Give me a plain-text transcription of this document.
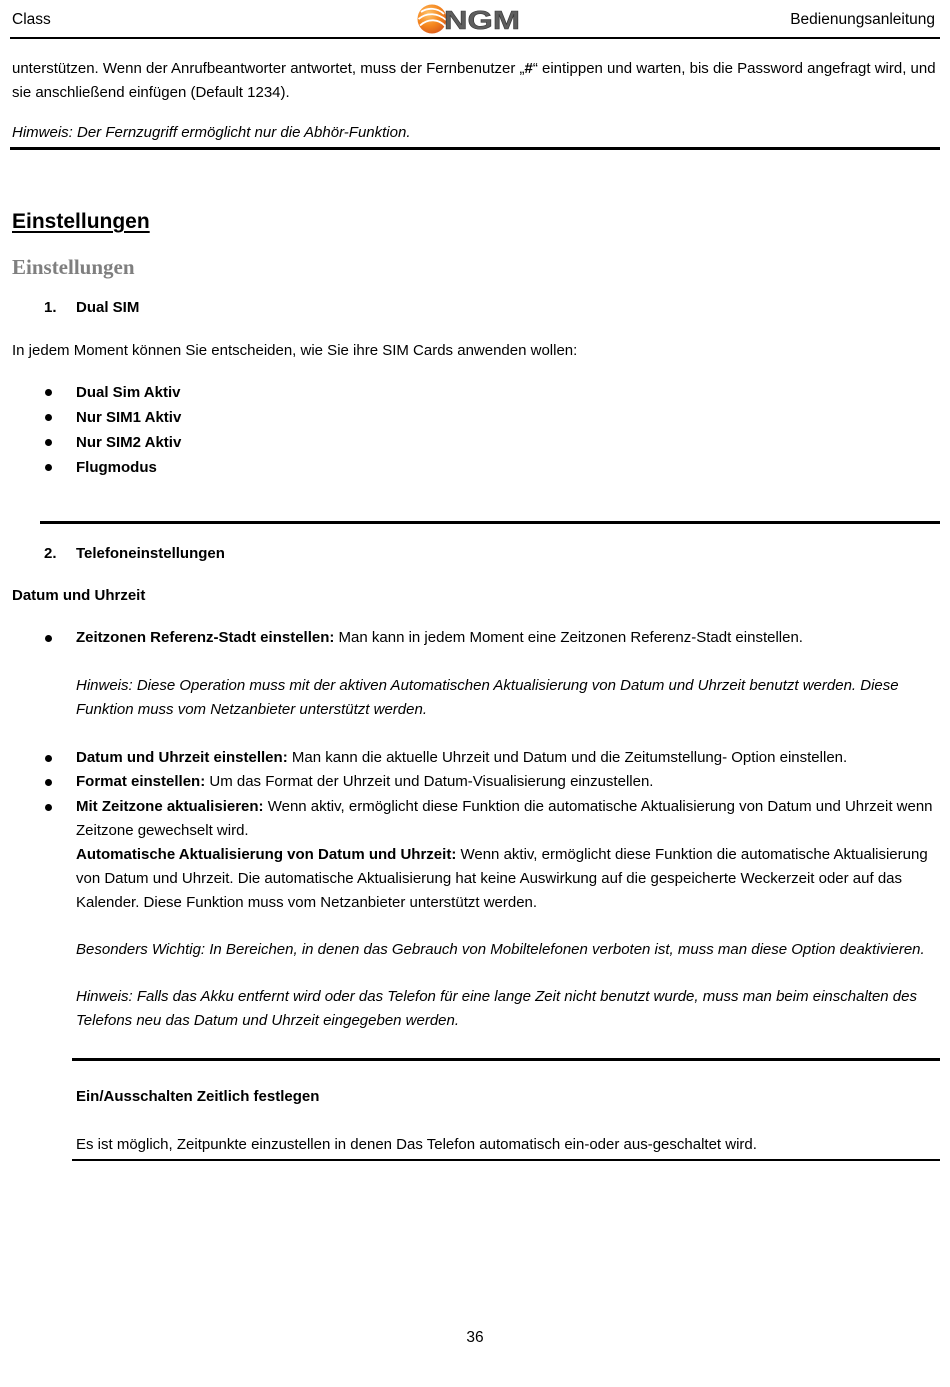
Class	NGM	Bedienungsanleitung

unterstützen. Wenn der Anrufbeantworter antwortet, muss der Fernbenutzer „#“ eintippen und warten, bis die Password angefragt wird, und sie anschließend einfügen (Default 1234).

Himweis: Der Fernzugriff ermöglicht nur die Abhör-Funktion.

Einstellungen
Einstellungen
1. Dual SIM

In jedem Moment können Sie entscheiden, wie Sie ihre SIM Cards anwenden wollen:

Dual Sim Aktiv
Nur SIM1 Aktiv
Nur SIM2 Aktiv
Flugmodus
2. Telefoneinstellungen

Datum und Uhrzeit

Zeitzonen Referenz-Stadt einstellen: Man kann in jedem Moment eine Zeitzonen Referenz-Stadt einstellen.

Hinweis: Diese Operation muss mit der aktiven Automatischen Aktualisierung von Datum und Uhrzeit benutzt werden. Diese Funktion muss vom Netzanbieter unterstützt werden.

Datum und Uhrzeit einstellen: Man kann die aktuelle Uhrzeit und Datum und die Zeitumstellung- Option einstellen.

Format einstellen: Um das Format der Uhrzeit und Datum-Visualisierung einzustellen.

Mit Zeitzone aktualisieren: Wenn aktiv, ermöglicht diese Funktion die automatische Aktualisierung von Datum und Uhrzeit wenn Zeitzone gewechselt wird.

Automatische Aktualisierung von Datum und Uhrzeit: Wenn aktiv, ermöglicht diese Funktion die automatische Aktualisierung von Datum und Uhrzeit. Die automatische Aktualisierung hat keine Auswirkung auf die gespeicherte Weckerzeit oder auf das Kalender. Diese Funktion muss vom Netzanbieter unterstützt werden.

Besonders Wichtig: In Bereichen, in denen das Gebrauch von Mobiltelefonen verboten ist, muss man diese Option deaktivieren.

Hinweis: Falls das Akku entfernt wird oder das Telefon für eine lange Zeit nicht benutzt wurde, muss man beim einschalten des Telefons neu das Datum und Uhrzeit eingegeben werden.

Ein/Ausschalten Zeitlich festlegen

Es ist möglich, Zeitpunkte einzustellen in denen Das Telefon automatisch ein-oder aus-geschaltet wird.

36
